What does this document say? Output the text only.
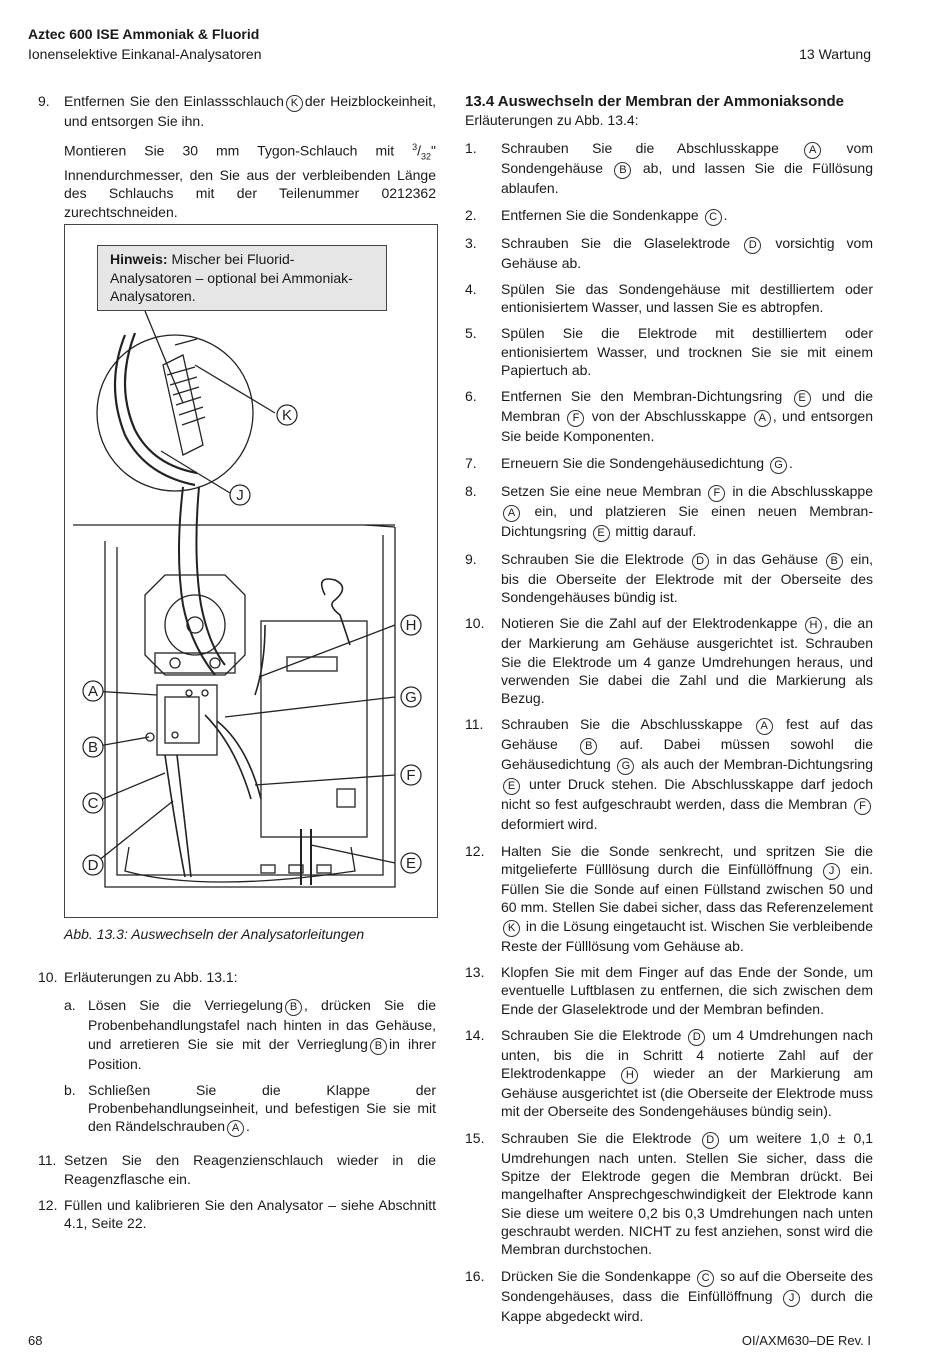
Aztec 600 ISE Ammoniak & Fluorid
Ionenselektive Einkanal-Analysatoren	13 Wartung
9. Entfernen Sie den Einlassschlauch K der Heizblockeinheit, und entsorgen Sie ihn.
Montieren Sie 30 mm Tygon-Schlauch mit $^3/_{32}$" Innendurchmesser, den Sie aus der verbleibenden Länge des Schlauchs mit der Teilenummer 0212362 zurechtschneiden.
A
B
C
D	E
F
G
H
J
K
Hinweis: Mischer bei Fluorid-Analysatoren – optional bei Ammoniak-Analysatoren.
Abb. 13.3: Auswechseln der Analysatorleitungen
10. Erläuterungen zu Abb. 13.1:
a. Lösen Sie die Verriegelung B , drücken Sie die Probenbehandlungstafel nach hinten in das Gehäuse, und arretieren Sie sie mit der Verrieglung B in ihrer Position.
b. Schließen Sie die Klappe der Probenbehandlungseinheit, und befestigen Sie sie mit den Rändelschrauben A .
11. Setzen Sie den Reagenzienschlauch wieder in die Reagenzflasche ein.
12. Füllen und kalibrieren Sie den Analysator – siehe Abschnitt 4.1, Seite 22.
13.4 Auswechseln der Membran der Ammoniaksonde
Erläuterungen zu Abb. 13.4:
1. Schrauben Sie die Abschlusskappe A vom Sondengehäuse B ab, und lassen Sie die Füllösung ablaufen.
2. Entfernen Sie die Sondenkappe C .
3. Schrauben Sie die Glaselektrode D vorsichtig vom Gehäuse ab.
4. Spülen Sie das Sondengehäuse mit destilliertem oder entionisiertem Wasser, und lassen Sie es abtropfen.
5. Spülen Sie die Elektrode mit destilliertem oder entionisiertem Wasser, und trocknen Sie sie mit einem Papiertuch ab.
6. Entfernen Sie den Membran-Dichtungsring E und die Membran F von der Abschlusskappe A , und entsorgen Sie beide Komponenten.
7. Erneuern Sie die Sondengehäusedichtung G .
8. Setzen Sie eine neue Membran F in die Abschlusskappe A ein, und platzieren Sie einen neuen Membran-Dichtungsring E mittig darauf.
9. Schrauben Sie die Elektrode D in das Gehäuse B ein, bis die Oberseite der Elektrode mit der Oberseite des Sondengehäuses bündig ist.
10. Notieren Sie die Zahl auf der Elektrodenkappe H , die an der Markierung am Gehäuse ausgerichtet ist. Schrauben Sie die Elektrode um 4 ganze Umdrehungen heraus, und verwenden Sie dabei die Zahl und die Markierung als Bezug.
11. Schrauben Sie die Abschlusskappe A fest auf das Gehäuse B auf. Dabei müssen sowohl die Gehäusedichtung G als auch der Membran-Dichtungsring E unter Druck stehen. Die Abschlusskappe darf jedoch nicht so fest aufgeschraubt werden, dass die Membran F deformiert wird.
12. Halten Sie die Sonde senkrecht, und spritzen Sie die mitgelieferte Fülllösung durch die Einfüllöffnung J ein. Füllen Sie die Sonde auf einen Füllstand zwischen 50 und 60 mm. Stellen Sie dabei sicher, dass das Referenzelement K in die Lösung eingetaucht ist. Wischen Sie verbleibende Reste der Fülllösung vom Gehäuse ab.
13. Klopfen Sie mit dem Finger auf das Ende der Sonde, um eventuelle Luftblasen zu entfernen, die sich zwischen dem Ende der Glaselektrode und der Membran befinden.
14. Schrauben Sie die Elektrode D um 4 Umdrehungen nach unten, bis die in Schritt 4 notierte Zahl auf der Elektrodenkappe H wieder an der Markierung am Gehäuse ausgerichtet ist (die Oberseite der Elektrode muss mit der Oberseite des Sondengehäuses bündig sein).
15. Schrauben Sie die Elektrode D um weitere 1,0 ± 0,1 Umdrehungen nach unten. Stellen Sie sicher, dass die Spitze der Elektrode gegen die Membran drückt. Bei mangelhafter Ansprechgeschwindigkeit der Elektrode kann Sie diese um weitere 0,2 bis 0,3 Umdrehungen nach unten geschraubt werden. NICHT zu fest anziehen, sonst wird die Membran durchstochen.
16. Drücken Sie die Sondenkappe C so auf die Oberseite des Sondengehäuses, dass die Einfüllöffnung J durch die Kappe abgedeckt wird.
68	OI/AXM630–DE Rev. I
